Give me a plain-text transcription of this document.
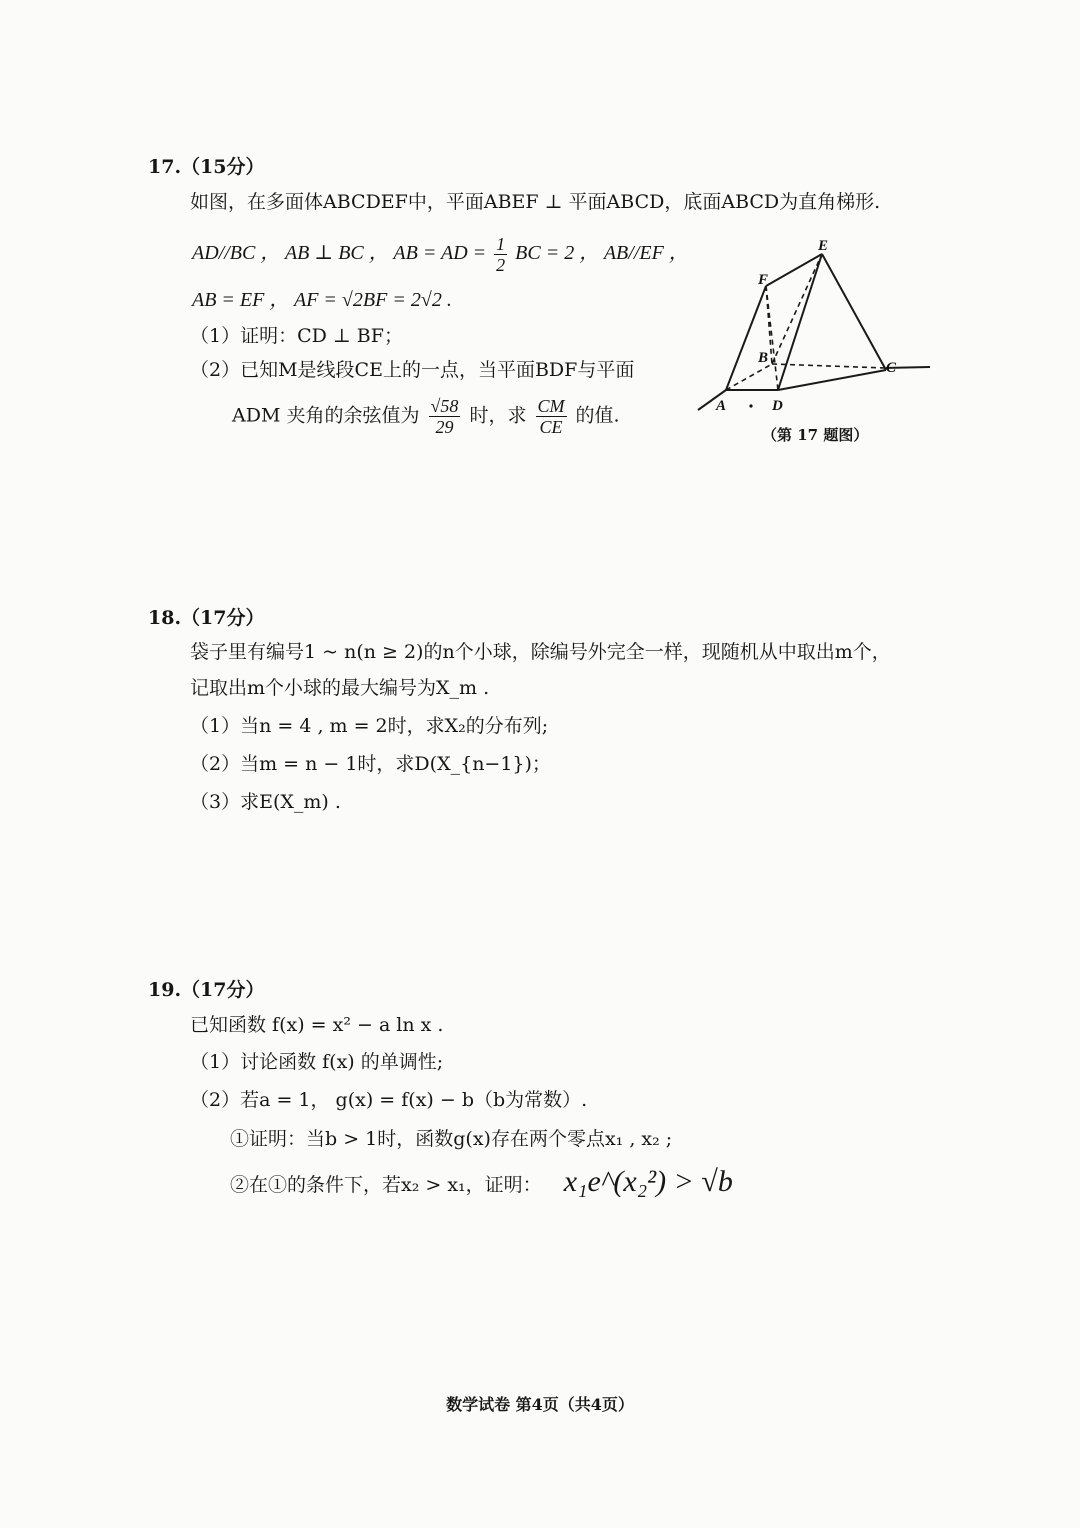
17.（15分）
如图，在多面体ABCDEF中，平面ABEF ⊥ 平面ABCD，底面ABCD为直角梯形.
AD//BC ， AB ⊥ BC ， AB = AD = $\frac{1}{2}$ BC = 2 ， AB//EF ，
AB = EF ， AF = √2BF = 2√2 .
（1）证明：CD ⊥ BF；
（2）已知M是线段CE上的一点，当平面BDF与平面
ADM 夹角的余弦值为 $\frac{√58}{29}$ 时，求 $\frac{CM}{CE}$ 的值.
E
F
B
C
A	D
（第 17 题图）
18.（17分）
袋子里有编号1 ~ n(n ≥ 2)的n个小球，除编号外完全一样，现随机从中取出m个，
记取出m个小球的最大编号为X_m .
（1）当n = 4 , m = 2时，求X₂的分布列;
（2）当m = n − 1时，求D(X_{n−1})；
（3）求E(X_m) .
19.（17分）
已知函数 f(x) = x² − a ln x .
（1）讨论函数 f(x) 的单调性;
（2）若a = 1， g(x) = f(x) − b（b为常数）.
①证明：当b > 1时，函数g(x)存在两个零点x₁ , x₂ ;
②在①的条件下，若x₂ > x₁，证明： x₁e^(x₂²) > √b
数学试卷 第4页（共4页）
